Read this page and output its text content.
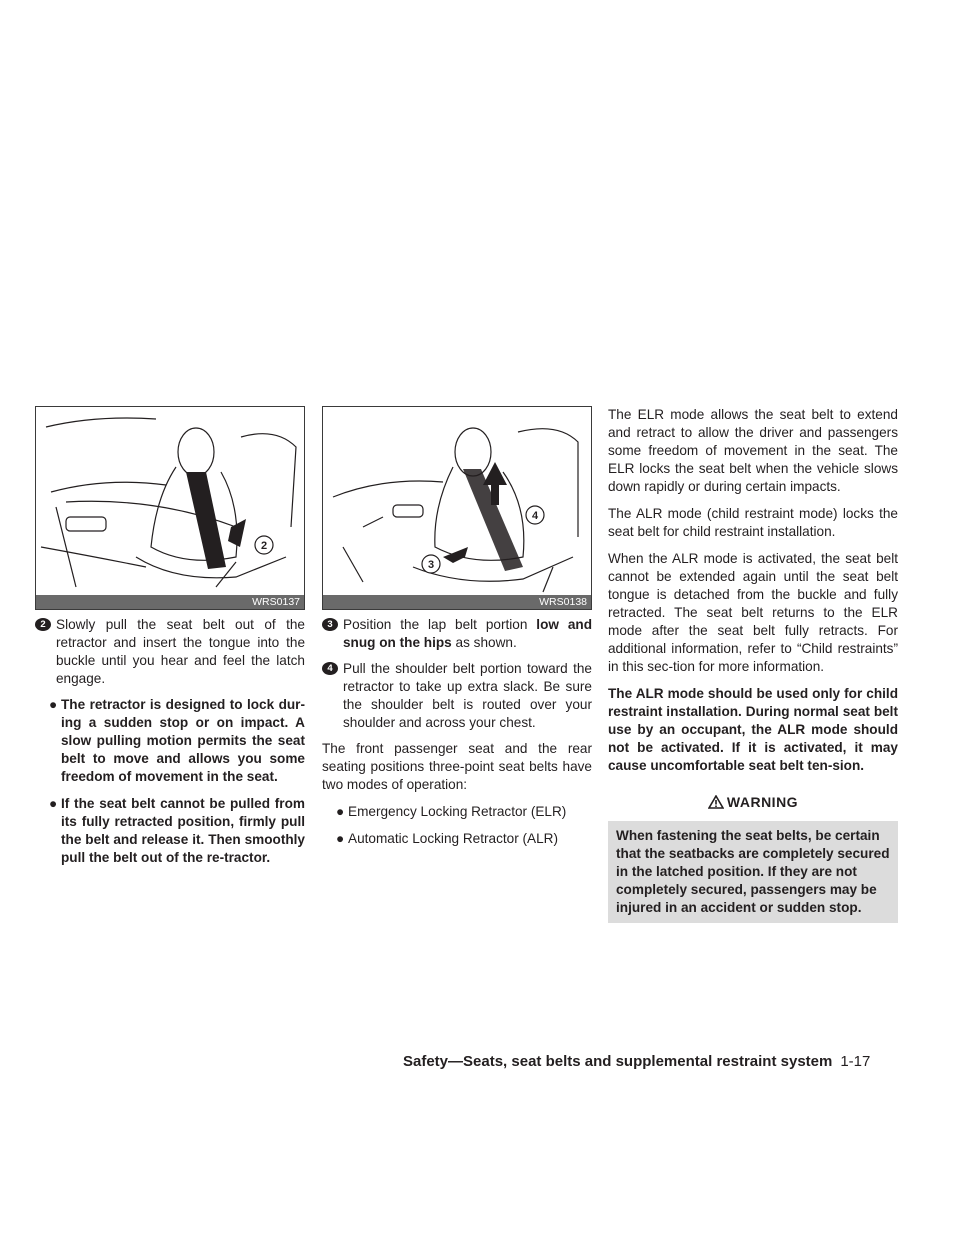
2
WRS0137
2 Slowly pull the seat belt out of the retractor and insert the tongue into the buckle until you hear and feel the latch engage.
● The retractor is designed to lock dur-ing a sudden stop or on impact. A slow pulling motion permits the seat belt to move and allows you some freedom of movement in the seat.
● If the seat belt cannot be pulled from its fully retracted position, firmly pull the belt and release it. Then smoothly pull the belt out of the re-tractor.
3
4
WRS0138
3 Position the lap belt portion low and snug on the hips as shown.
4 Pull the shoulder belt portion toward the retractor to take up extra slack. Be sure the shoulder belt is routed over your shoulder and across your chest.

The front passenger seat and the rear seating positions three-point seat belts have two modes of operation:

● Emergency Locking Retractor (ELR)
● Automatic Locking Retractor (ALR)

The ELR mode allows the seat belt to extend and retract to allow the driver and passengers some freedom of movement in the seat. The ELR locks the seat belt when the vehicle slows down rapidly or during certain impacts.

The ALR mode (child restraint mode) locks the seat belt for child restraint installation.

When the ALR mode is activated, the seat belt cannot be extended again until the seat belt tongue is detached from the buckle and fully retracted. The seat belt returns to the ELR mode after the seat belt fully retracts. For additional information, refer to “Child restraints” in this sec-tion for more information.

The ALR mode should be used only for child restraint installation. During normal seat belt use by an occupant, the ALR mode should not be activated. If it is activated, it may cause uncomfortable seat belt ten-sion.

WARNING
When fastening the seat belts, be certain that the seatbacks are completely secured in the latched position. If they are not completely secured, passengers may be injured in an accident or sudden stop.
Safety—Seats, seat belts and supplemental restraint system 1-17
